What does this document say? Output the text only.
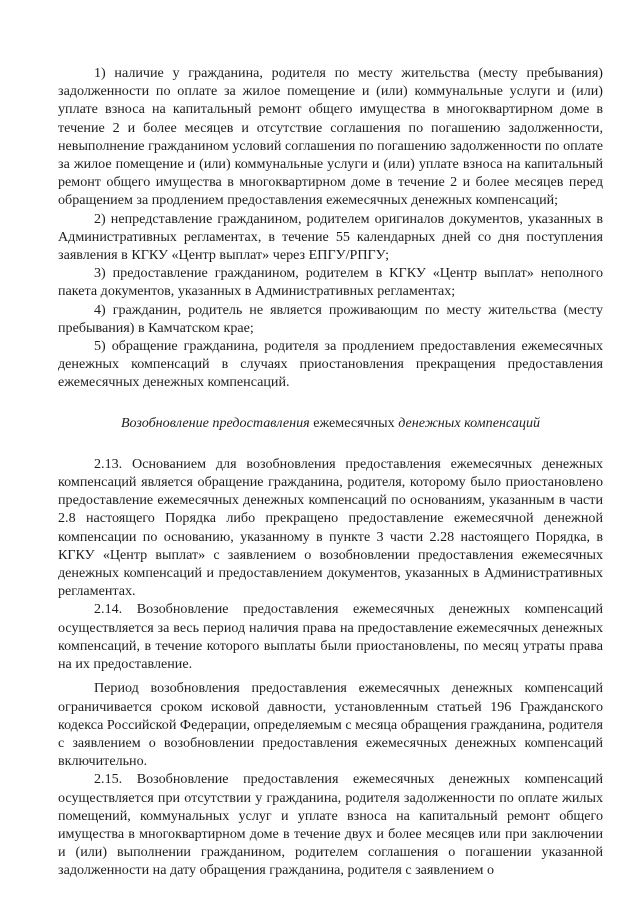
1) наличие у гражданина, родителя по месту жительства (месту пребывания) задолженности по оплате за жилое помещение и (или) коммунальные услуги и (или) уплате взноса на капитальный ремонт общего имущества в многоквартирном доме в течение 2 и более месяцев и отсутствие соглашения по погашению задолженности, невыполнение гражданином условий соглашения по погашению задолженности по оплате за жилое помещение и (или) коммунальные услуги и (или) уплате взноса на капитальный ремонт общего имущества в многоквартирном доме в течение 2 и более месяцев перед обращением за продлением предоставления ежемесячных денежных компенсаций;

2) непредставление гражданином, родителем оригиналов документов, указанных в Административных регламентах, в течение 55 календарных дней со дня поступления заявления в КГКУ «Центр выплат» через ЕПГУ/РПГУ;

3) предоставление гражданином, родителем в КГКУ «Центр выплат» неполного пакета документов, указанных в Административных регламентах;

4) гражданин, родитель не является проживающим по месту жительства (месту пребывания) в Камчатском крае;

5) обращение гражданина, родителя за продлением предоставления ежемесячных денежных компенсаций в случаях приостановления прекращения предоставления ежемесячных денежных компенсаций.

Возобновление предоставления ежемесячных денежных компенсаций

2.13. Основанием для возобновления предоставления ежемесячных денежных компенсаций является обращение гражданина, родителя, которому было приостановлено предоставление ежемесячных денежных компенсаций по основаниям, указанным в части 2.8 настоящего Порядка либо прекращено предоставление ежемесячной денежной компенсации по основанию, указанному в пункте 3 части 2.28 настоящего Порядка, в КГКУ «Центр выплат» с заявлением о возобновлении предоставления ежемесячных денежных компенсаций и предоставлением документов, указанных в Административных регламентах.

2.14. Возобновление предоставления ежемесячных денежных компенсаций осуществляется за весь период наличия права на предоставление ежемесячных денежных компенсаций, в течение которого выплаты были приостановлены, по месяц утраты права на их предоставление.

Период возобновления предоставления ежемесячных денежных компенсаций ограничивается сроком исковой давности, установленным статьей 196 Гражданского кодекса Российской Федерации, определяемым с месяца обращения гражданина, родителя с заявлением о возобновлении предоставления ежемесячных денежных компенсаций включительно.

2.15. Возобновление предоставления ежемесячных денежных компенсаций осуществляется при отсутствии у гражданина, родителя задолженности по оплате жилых помещений, коммунальных услуг и уплате взноса на капитальный ремонт общего имущества в многоквартирном доме в течение двух и более месяцев или при заключении и (или) выполнении гражданином, родителем соглашения о погашении указанной задолженности на дату обращения гражданина, родителя с заявлением о
